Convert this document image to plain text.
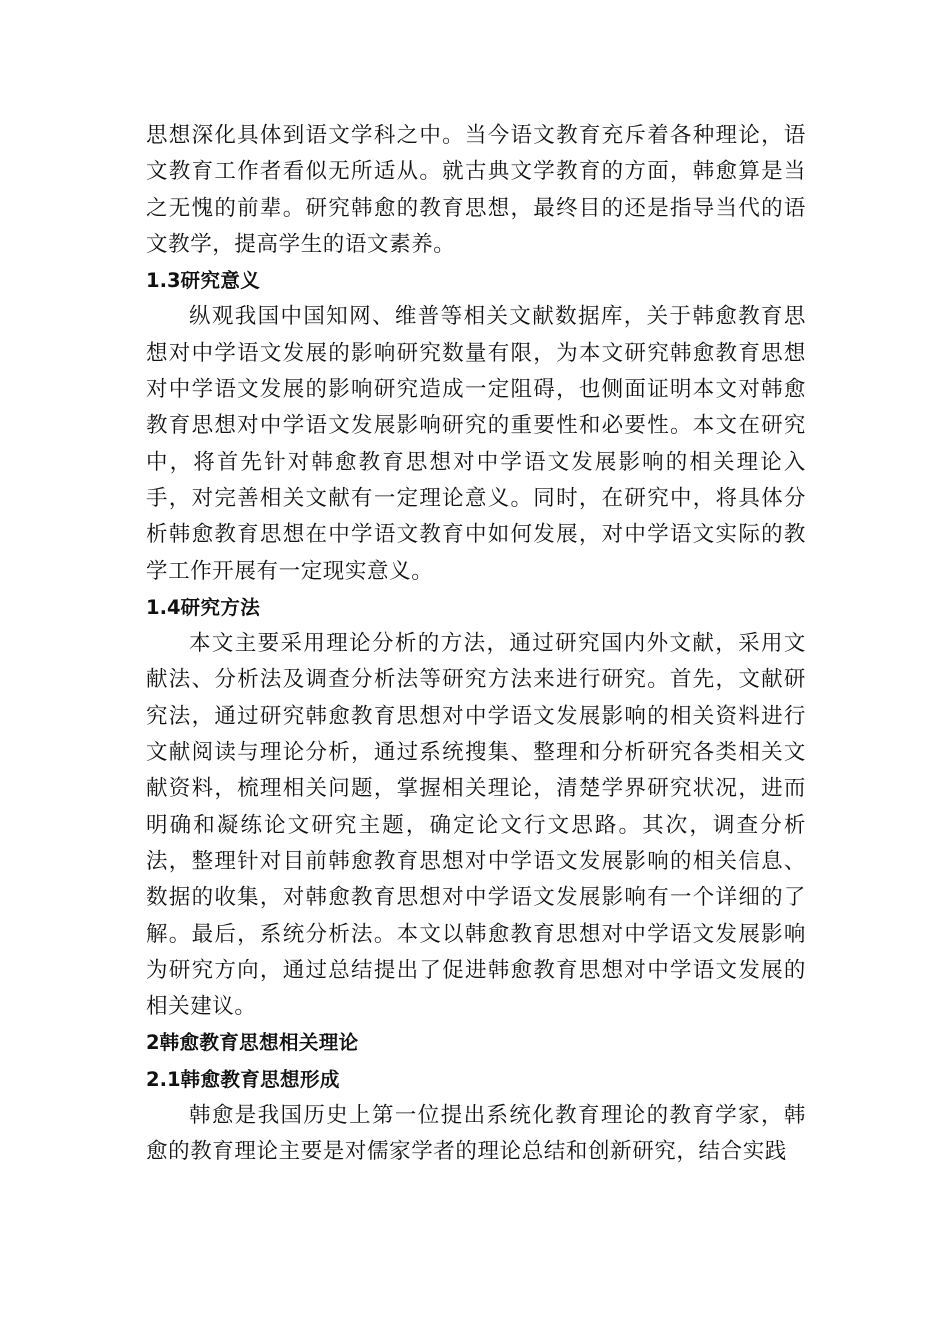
思想深化具体到语文学科之中。当今语文教育充斥着各种理论，语文教育工作者看似无所适从。就古典文学教育的方面，韩愈算是当之无愧的前辈。研究韩愈的教育思想，最终目的还是指导当代的语文教学，提高学生的语文素养。

1.3研究意义

纵观我国中国知网、维普等相关文献数据库，关于韩愈教育思想对中学语文发展的影响研究数量有限，为本文研究韩愈教育思想对中学语文发展的影响研究造成一定阻碍，也侧面证明本文对韩愈教育思想对中学语文发展影响研究的重要性和必要性。本文在研究中，将首先针对韩愈教育思想对中学语文发展影响的相关理论入手，对完善相关文献有一定理论意义。同时，在研究中，将具体分析韩愈教育思想在中学语文教育中如何发展，对中学语文实际的教学工作开展有一定现实意义。

1.4研究方法

本文主要采用理论分析的方法，通过研究国内外文献，采用文献法、分析法及调查分析法等研究方法来进行研究。首先，文献研究法，通过研究韩愈教育思想对中学语文发展影响的相关资料进行文献阅读与理论分析，通过系统搜集、整理和分析研究各类相关文献资料，梳理相关问题，掌握相关理论，清楚学界研究状况，进而明确和凝练论文研究主题，确定论文行文思路。其次，调查分析法，整理针对目前韩愈教育思想对中学语文发展影响的相关信息、数据的收集，对韩愈教育思想对中学语文发展影响有一个详细的了解。最后，系统分析法。本文以韩愈教育思想对中学语文发展影响为研究方向，通过总结提出了促进韩愈教育思想对中学语文发展的相关建议。

2韩愈教育思想相关理论
2.1韩愈教育思想形成

韩愈是我国历史上第一位提出系统化教育理论的教育学家，韩愈的教育理论主要是对儒家学者的理论总结和创新研究，结合实践
